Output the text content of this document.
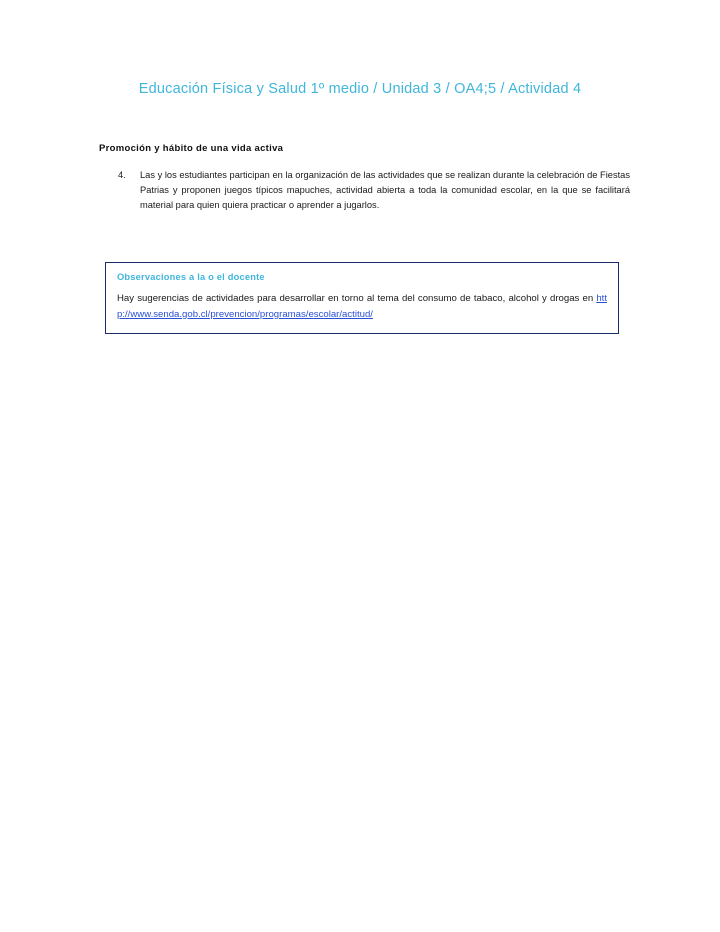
Educación Física y Salud 1º medio / Unidad 3 / OA4;5 / Actividad 4
Promoción y hábito de una vida activa
4.	Las y los estudiantes participan en la organización de las actividades que se realizan durante la celebración de Fiestas Patrias y proponen juegos típicos mapuches, actividad abierta a toda la comunidad escolar, en la que se facilitará material para quien quiera practicar o aprender a jugarlos.
Observaciones a la o el docente
Hay sugerencias de actividades para desarrollar en torno al tema del consumo de tabaco, alcohol y drogas en http://www.senda.gob.cl/prevencion/programas/escolar/actitud/
